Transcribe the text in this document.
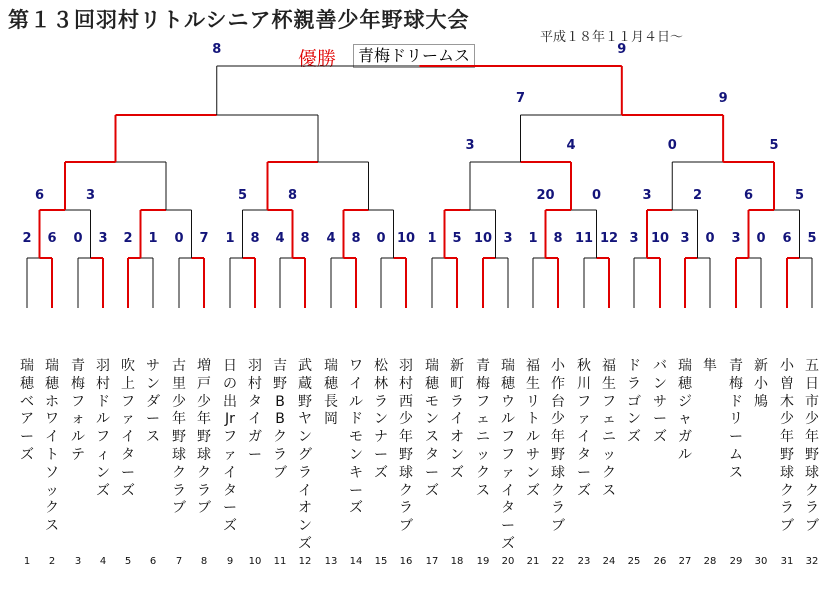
第１３回羽村リトルシニア杯親善少年野球大会
平成１８年１１月４日～
優勝	青梅ドリームス
2 6 0 3 2 1 0 7 1 8 4 8 4 8 0 10 1 5 10 3 1 8 11 12 3 10 3 0 3 0 6 5
6	3	5	8	20	0	3	2	6	5
3	4	0	5
7	9
8	9
瑞穂ベアーズ
1
瑞穂ホワイトソックス
2
青梅フォルテ
3
羽村ドルフィンズ
4
吹上ファイターズ
5
サンダース
6
古里少年野球クラブ
7
増戸少年野球クラブ
8
日の出Jrファイターズ
9
羽村タイガー
10
吉野BBクラブ
11
武蔵野ヤングライオンズ
12
瑞穂長岡
13
ワイルドモンキーズ
14
松林ランナーズ
15
羽村西少年野球クラブ
16
瑞穂モンスターズ
17
新町ライオンズ
18
青梅フェニックス
19
瑞穂ウルフファイターズ
20
福生リトルサンズ
21
小作台少年野球クラブ
22
秋川ファイターズ
23
福生フェニックス
24
ドラゴンズ
25
バンサーズ
26
瑞穂ジャガル
27
隼
28
青梅ドリームス
29
新小鳩
30
小曽木少年野球クラブ
31
五日市少年野球クラブ
32
